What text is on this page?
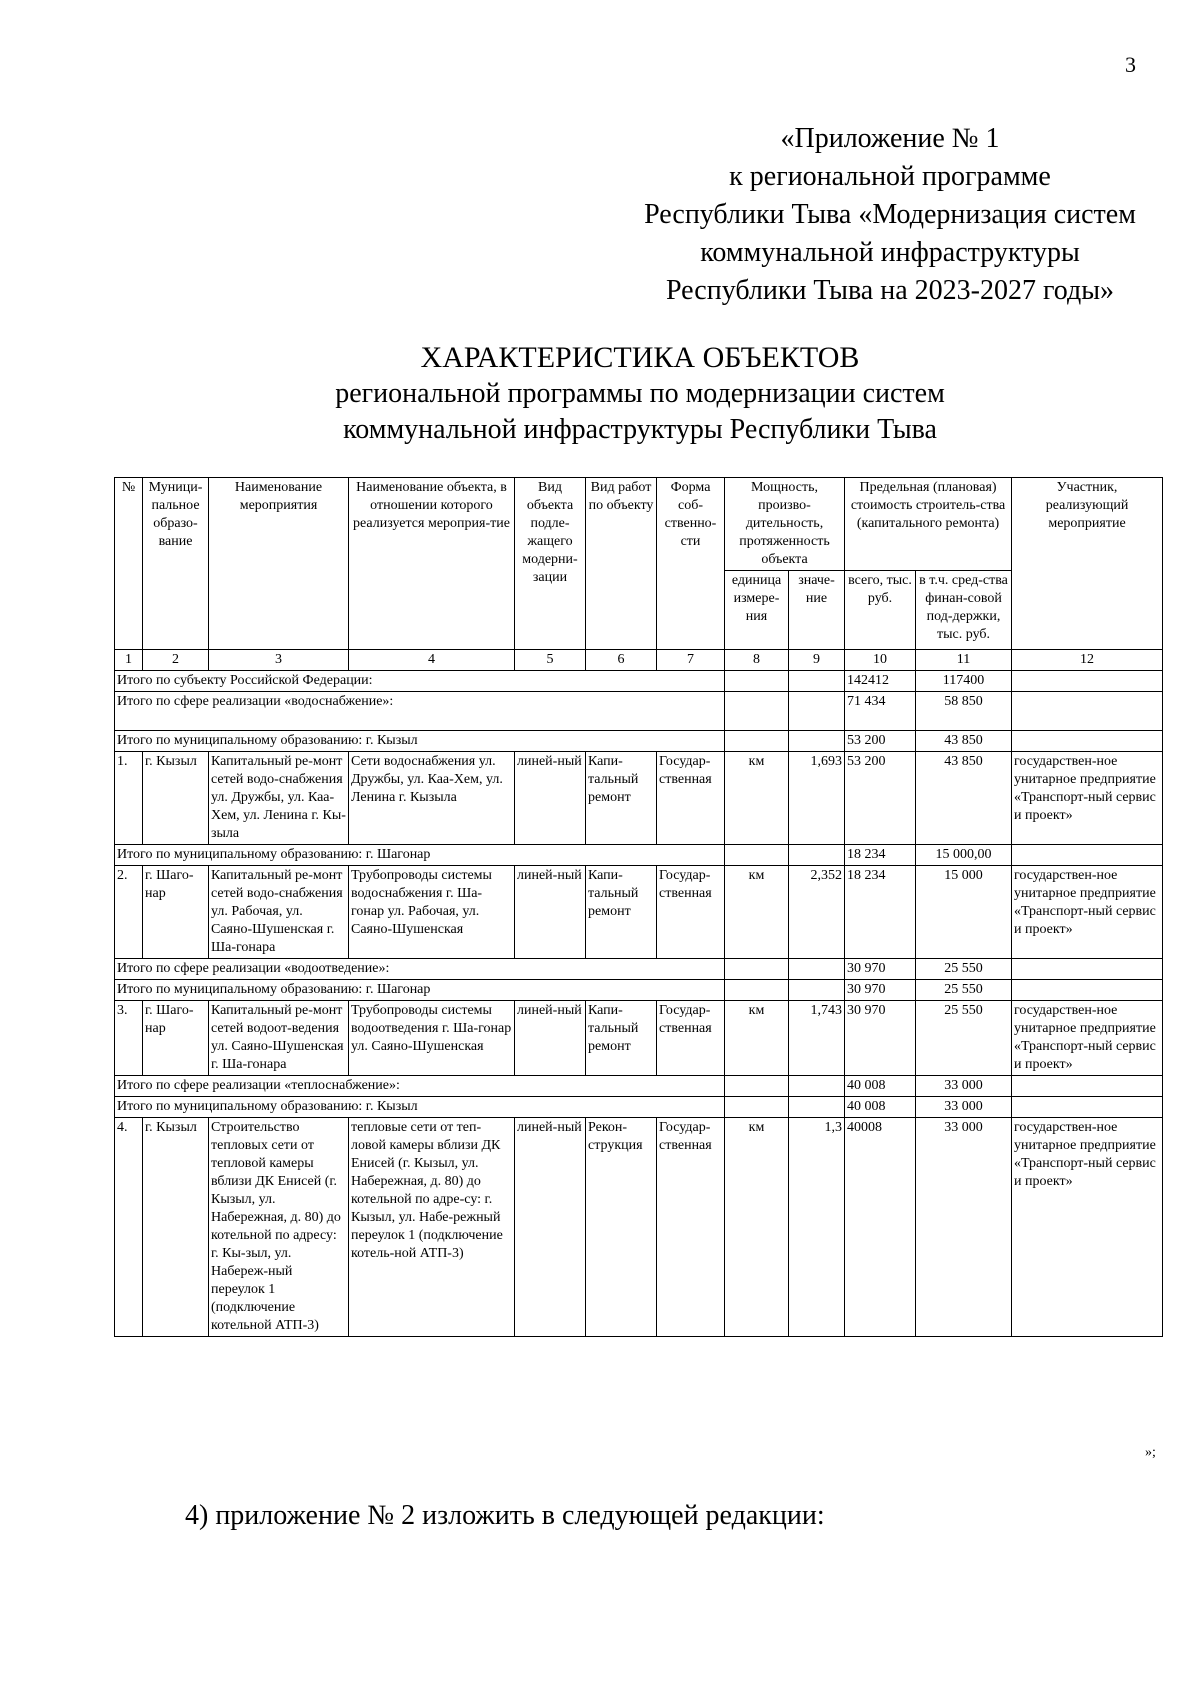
3
«Приложение № 1
к региональной программе
Республики Тыва «Модернизация систем
коммунальной инфраструктуры
Республики Тыва на 2023-2027 годы»
ХАРАКТЕРИСТИКА ОБЪЕКТОВ
региональной программы по модернизации систем
коммунальной инфраструктуры Республики Тыва
№	Муници-пальное образо-вание	Наименование мероприятия	Наименование объекта, в отношении которого реализуется мероприя-тие	Вид объекта подле-жащего модерни-зации	Вид работ по объекту	Форма соб-ственно-сти	Мощность, произво-дительность, протяженность объекта		Предельная (плановая) стоимость строитель-ства (капитального ремонта)		Участник, реализующий мероприятие
							единица измере-ния	значе-ние	всего, тыс. руб.	в т.ч. сред-ства финан-совой под-держки, тыс. руб.	
1	2	3	4	5	6	7	8	9	10	11	12
Итого по субъекту Российской Федерации:									142412	117400	
Итого по сфере реализации «водоснабжение»:									71 434	58 850	
Итого по муниципальному образованию: г. Кызыл									53 200	43 850	
1.	г. Кызыл	Капитальный ре-монт сетей водо-снабжения ул. Дружбы, ул. Каа-Хем, ул. Ленина г. Кы-зыла	Сети водоснабжения ул. Дружбы, ул. Каа-Хем, ул. Ленина г. Кызыла	линей-ный	Капи-тальный ремонт	Государ-ственная	км	1,693	53 200	43 850	государствен-ное унитарное предприятие «Транспорт-ный сервис и проект»
Итого по муниципальному образованию: г. Шагонар									18 234	15 000,00	
2.	г. Шаго-нар	Капитальный ре-монт сетей водо-снабжения ул. Рабочая, ул. Саяно-Шушенская г. Ша-гонара	Трубопроводы системы водоснабжения г. Ша-гонар ул. Рабочая, ул. Саяно-Шушенская	линей-ный	Капи-тальный ремонт	Государ-ственная	км	2,352	18 234	15 000	государствен-ное унитарное предприятие «Транспорт-ный сервис и проект»
Итого по сфере реализации «водоотведение»:									30 970	25 550	
Итого по муниципальному образованию: г. Шагонар									30 970	25 550	
3.	г. Шаго-нар	Капитальный ре-монт сетей водоот-ведения ул. Саяно-Шушенская г. Ша-гонара	Трубопроводы системы водоотведения г. Ша-гонар ул. Саяно-Шушенская	линей-ный	Капи-тальный ремонт	Государ-ственная	км	1,743	30 970	25 550	государствен-ное унитарное предприятие «Транспорт-ный сервис и проект»
Итого по сфере реализации «теплоснабжение»:									40 008	33 000	
Итого по муниципальному образованию: г. Кызыл									40 008	33 000	
4.	г. Кызыл	Строительство тепловых сети от тепловой камеры вблизи ДК Енисей (г. Кызыл, ул. Набережная, д. 80) до котельной по адресу: г. Кы-зыл, ул. Набереж-ный переулок 1 (подключение котельной АТП-3)	тепловые сети от теп-ловой камеры вблизи ДК Енисей (г. Кызыл, ул. Набережная, д. 80) до котельной по адре-су: г. Кызыл, ул. Набе-режный переулок 1 (подключение котель-ной АТП-3)	линей-ный	Рекон-струкция	Государ-ственная	км	1,3	40008	33 000	государствен-ное унитарное предприятие «Транспорт-ный сервис и проект»
»;
4) приложение № 2 изложить в следующей редакции:
